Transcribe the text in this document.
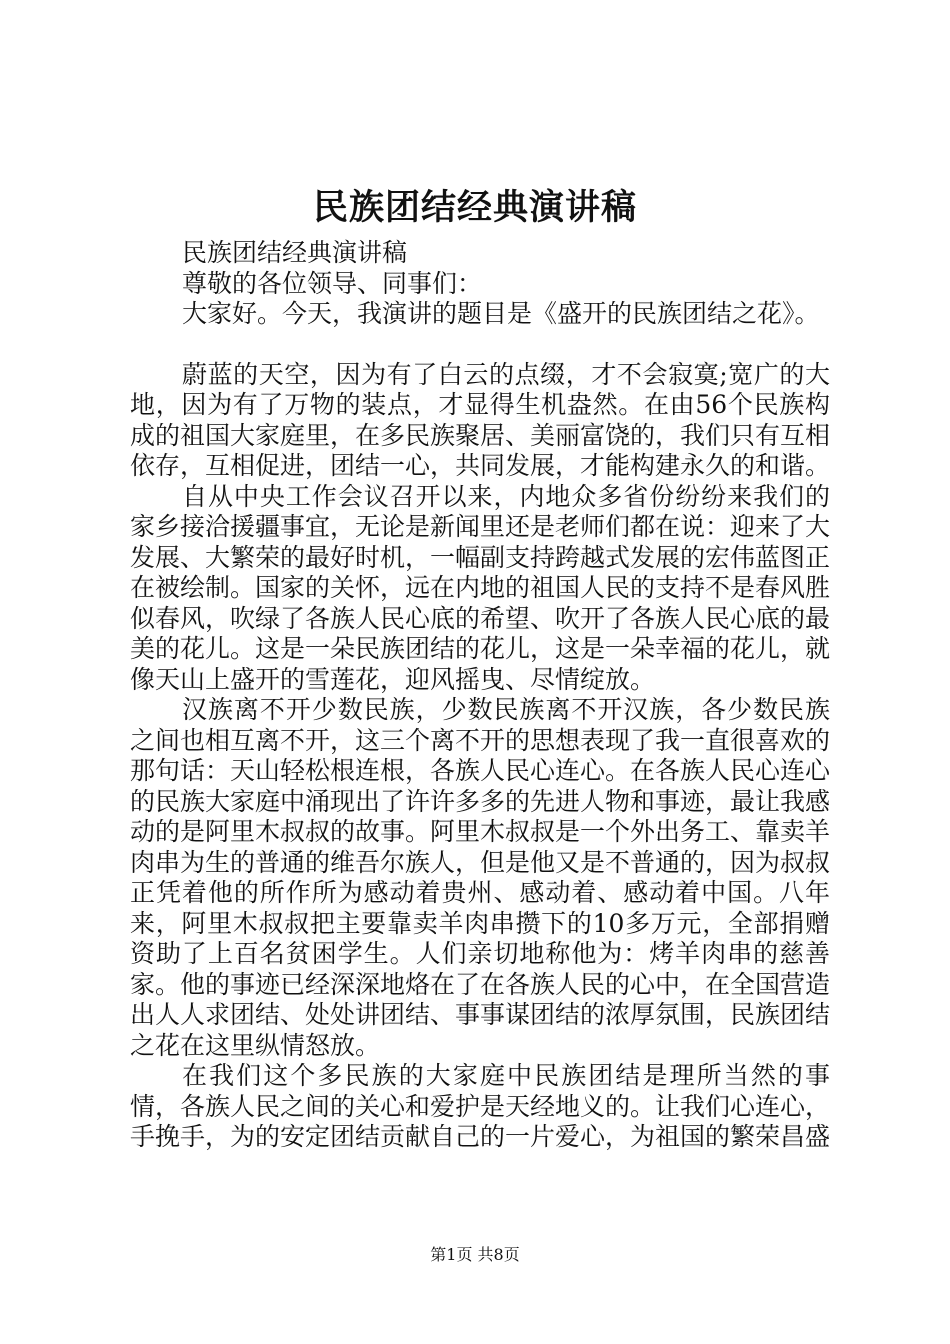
民族团结经典演讲稿

民族团结经典演讲稿

尊敬的各位领导、同事们：

大家好。今天，我演讲的题目是《盛开的民族团结之花》。

蔚蓝的天空，因为有了白云的点缀，才不会寂寞;宽广的大地，因为有了万物的装点，才显得生机盎然。在由56个民族构成的祖国大家庭里，在多民族聚居、美丽富饶的，我们只有互相依存，互相促进，团结一心，共同发展，才能构建永久的和谐。

自从中央工作会议召开以来，内地众多省份纷纷来我们的家乡接洽援疆事宜，无论是新闻里还是老师们都在说：迎来了大发展、大繁荣的最好时机，一幅副支持跨越式发展的宏伟蓝图正在被绘制。国家的关怀，远在内地的祖国人民的支持不是春风胜似春风，吹绿了各族人民心底的希望、吹开了各族人民心底的最美的花儿。这是一朵民族团结的花儿，这是一朵幸福的花儿，就像天山上盛开的雪莲花，迎风摇曳、尽情绽放。

汉族离不开少数民族，少数民族离不开汉族，各少数民族之间也相互离不开，这三个离不开的思想表现了我一直很喜欢的那句话：天山轻松根连根，各族人民心连心。在各族人民心连心的民族大家庭中涌现出了许许多多的先进人物和事迹，最让我感动的是阿里木叔叔的故事。阿里木叔叔是一个外出务工、靠卖羊肉串为生的普通的维吾尔族人，但是他又是不普通的，因为叔叔正凭着他的所作所为感动着贵州、感动着、感动着中国。八年来，阿里木叔叔把主要靠卖羊肉串攒下的10多万元，全部捐赠资助了上百名贫困学生。人们亲切地称他为：烤羊肉串的慈善家。他的事迹已经深深地烙在了在各族人民的心中，在全国营造出人人求团结、处处讲团结、事事谋团结的浓厚氛围，民族团结之花在这里纵情怒放。

在我们这个多民族的大家庭中民族团结是理所当然的事情，各族人民之间的关心和爱护是天经地义的。让我们心连心，手挽手，为的安定团结贡献自己的一片爱心，为祖国的繁荣昌盛

第1页 共8页
